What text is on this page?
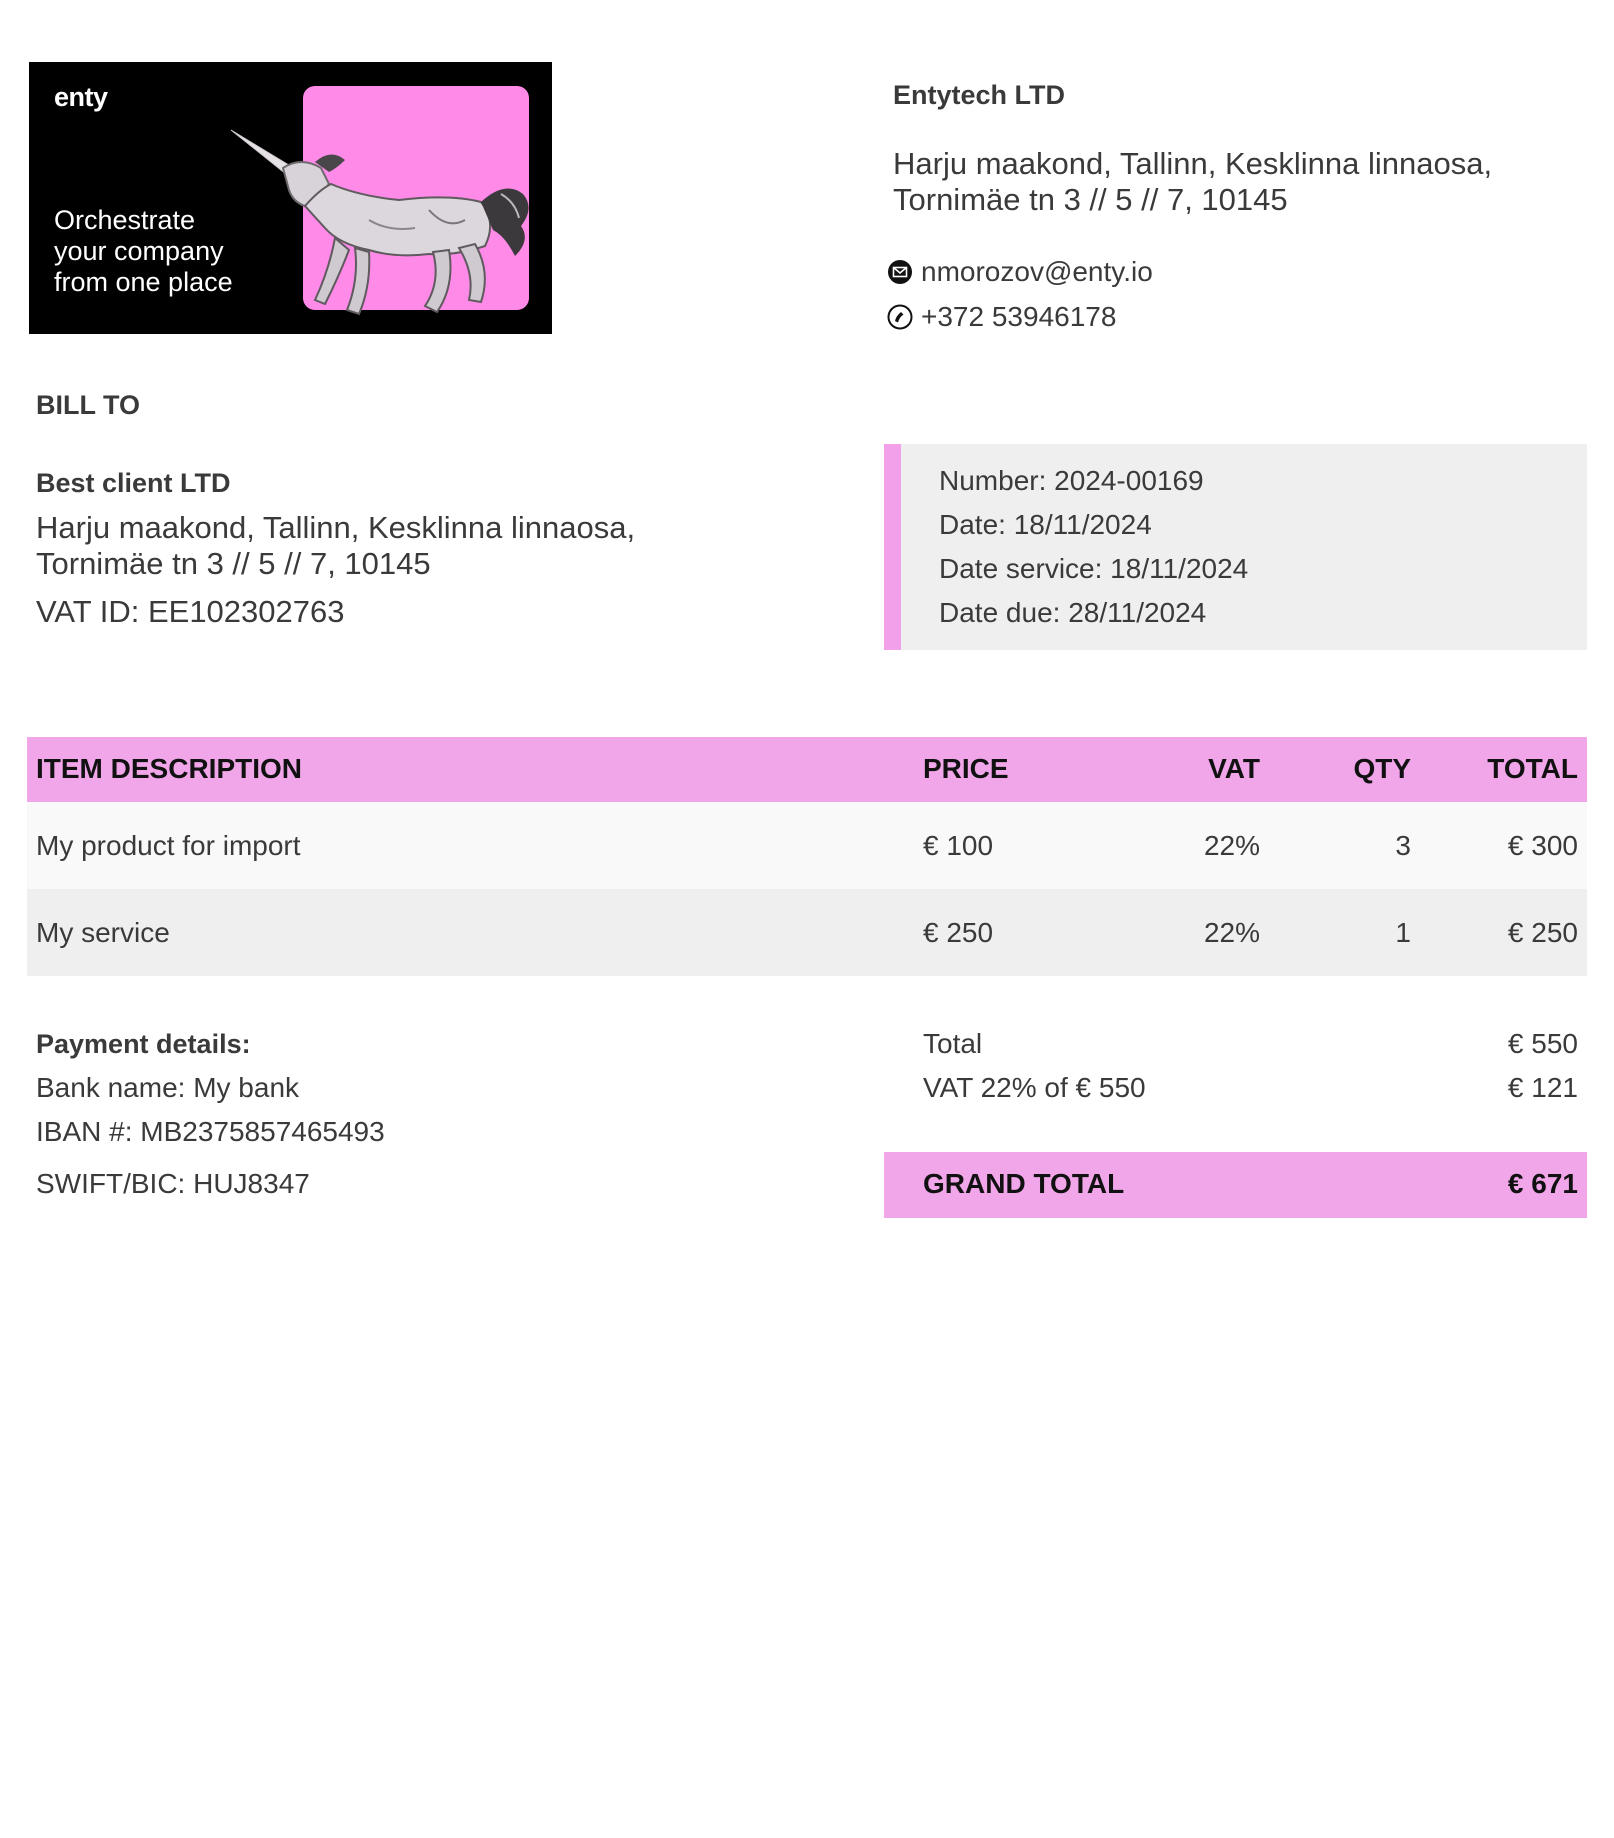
enty
Orchestrate
your company
from one place
Entytech LTD
Harju maakond, Tallinn, Kesklinna linnaosa,
Tornimäe tn 3 // 5 // 7, 10145
nmorozov@enty.io
+372 53946178
BILL TO
Best client LTD
Harju maakond, Tallinn, Kesklinna linnaosa,
Tornimäe tn 3 // 5 // 7, 10145
VAT ID: EE102302763
Number: 2024-00169
Date: 18/11/2024
Date service: 18/11/2024
Date due: 28/11/2024
ITEM DESCRIPTION	PRICE	VAT	QTY	TOTAL
My product for import	€ 100	22%	3	€ 300
My service	€ 250	22%	1	€ 250
Payment details:
Bank name: My bank
IBAN #: MB2375857465493
SWIFT/BIC: HUJ8347
Total	€ 550
VAT 22% of € 550	€ 121
GRAND TOTAL	€ 671
